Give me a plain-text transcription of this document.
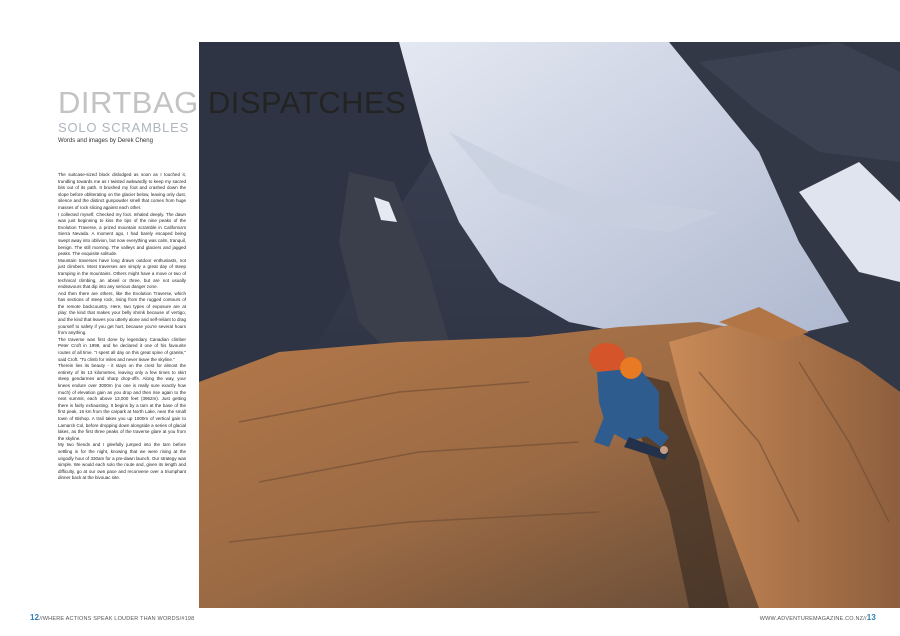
DIRTBAG DISPATCHES
SOLO SCRAMBLES
Words and images by Derek Cheng

The suitcase-sized block dislodged as soon as I touched it, trundling towards me as I twisted awkwardly to keep my sacred bits out of its path. It brushed my foot and crashed down the slope before obliterating on the glacier below, leaving only dust, silence and the distinct gunpowder smell that comes from huge masses of rock slicing against each other.

I collected myself. Checked my foot. Inhaled deeply. The dawn was just beginning to kiss the tips of the nine peaks of the Evolution Traverse, a prized mountain scramble in California's Sierra Nevada. A moment ago, I had barely escaped being swept away into oblivion, but now everything was calm, tranquil, benign. The still morning. The valleys and glaciers and jagged peaks. The exquisite solitude.

Mountain traverses have long drawn outdoor enthusiasts, not just climbers. Most traverses are simply a great day of steep tramping in the mountains. Others might have a move or two of technical climbing, an abseil or three, but are not usually endeavours that dip into any serious danger zone.

And then there are others, like the Evolution Traverse, which has sections of steep rock, rising from the rugged contours of the remote backcountry. Here, two types of exposure are at play: the kind that makes your belly shrink because of vertigo, and the kind that leaves you utterly alone and self-reliant to drag yourself to safety if you get hurt, because you're several hours from anything.

The traverse was first done by legendary Canadian climber Peter Croft in 1999, and he declared it one of his favourite routes of all time. "I spent all day on this great spine of granite," said Croft. "To climb for miles and never leave the skyline."

Therein lies its beauty - it stays on the crest for almost the entirety of its 13 kilometres, leaving only a few times to skirt steep gendarmes and sharp drop-offs. Along the way, your knees endure over 3000m (no one is really sure exactly how much) of elevation gain as you drop and then rise again to the next summit, each above 13,000 feet (3962m). Just getting there is fairly exhausting. It begins by a tarn at the base of the first peak, 16 km from the carpark at North Lake, near the small town of Bishop. A trail takes you up 1000m of vertical gain to Lamarck Col, before dropping down alongside a series of glacial lakes, as the first three peaks of the traverse glare at you from the skyline.

My two friends and I gleefully jumped into the tarn before settling in for the night, knowing that we were rising at the ungodly hour of 330am for a pre-dawn launch. Our strategy was simple. We would each solo the route and, given its length and difficulty, go at our own pace and reconvene over a triumphant dinner back at the bivouac site.

12//WHERE ACTIONS SPEAK LOUDER THAN WORDS/#198	WWW.ADVENTUREMAGAZINE.CO.NZ//13
